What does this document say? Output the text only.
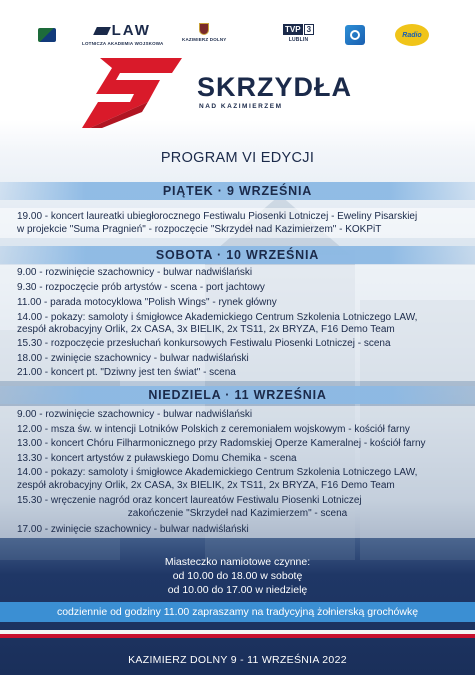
LAW
LOTNICZA AKADEMIA WOJSKOWA
KAZIMIERZ DOLNY
TVP 3
LUBLIN
Radio
SKRZYDŁA
NAD KAZIMIERZEM
PROGRAM VI EDYCJI
PIĄTEK · 9 WRZEŚNIA
19.00 - koncert laureatki ubiegłorocznego Festiwalu Piosenki Lotniczej - Eweliny Pisarskiej
w projekcie "Suma Pragnień" - rozpoczęcie "Skrzydeł nad Kazimierzem" - KOKPiT
SOBOTA · 10 WRZEŚNIA
9.00 - rozwinięcie szachownicy - bulwar nadwiślański
9.30 - rozpoczęcie prób artystów - scena - port jachtowy
11.00 - parada motocyklowa "Polish Wings" - rynek główny
14.00 - pokazy: samoloty i śmigłowce Akademickiego Centrum Szkolenia Lotniczego LAW,
zespół akrobacyjny Orlik, 2x CASA, 3x BIELIK, 2x TS11, 2x BRYZA, F16 Demo Team
15.30 - rozpoczęcie przesłuchań konkursowych Festiwalu Piosenki Lotniczej - scena
18.00 - zwinięcie szachownicy - bulwar nadwiślański
21.00 - koncert pt. "Dziwny jest ten świat" - scena
NIEDZIELA · 11 WRZEŚNIA
9.00 - rozwinięcie szachownicy - bulwar nadwiślański
12.00 - msza św. w intencji Lotników Polskich z ceremoniałem wojskowym - kościół farny
13.00 - koncert Chóru Filharmonicznego przy Radomskiej Operze Kameralnej - kościół farny
13.30 - koncert artystów z puławskiego Domu Chemika - scena
14.00 - pokazy: samoloty i śmigłowce Akademickiego Centrum Szkolenia Lotniczego LAW,
zespół akrobacyjny Orlik, 2x CASA, 3x BIELIK, 2x TS11, 2x BRYZA, F16 Demo Team
15.30 - wręczenie nagród oraz koncert laureatów Festiwalu Piosenki Lotniczej
zakończenie "Skrzydeł nad Kazimierzem" - scena
17.00 - zwinięcie szachownicy - bulwar nadwiślański
Miasteczko namiotowe czynne:
od 10.00 do 18.00 w sobotę
od 10.00 do 17.00 w niedzielę
codziennie od godziny 11.00 zapraszamy na tradycyjną żołnierską grochówkę
KAZIMIERZ DOLNY 9 - 11 WRZEŚNIA 2022
